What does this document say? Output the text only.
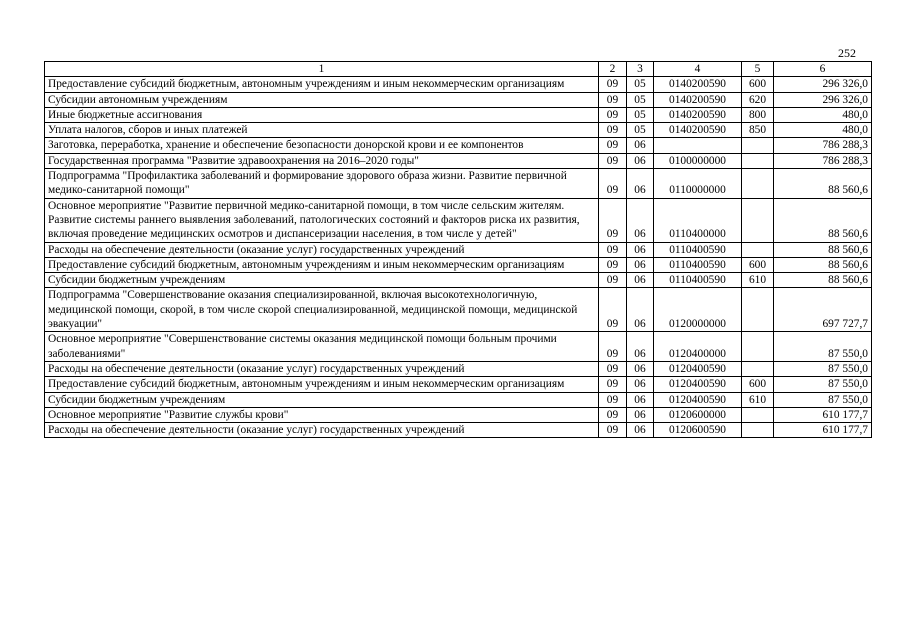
252
1	2	3	4	5	6
Предоставление субсидий бюджетным, автономным учреждениям и иным некоммерческим организациям	09	05	0140200590	600	296 326,0
Субсидии автономным учреждениям	09	05	0140200590	620	296 326,0
Иные бюджетные ассигнования	09	05	0140200590	800	480,0
Уплата налогов, сборов и иных платежей	09	05	0140200590	850	480,0
Заготовка, переработка, хранение и обеспечение безопасности донорской крови и ее компонентов	09	06			786 288,3
Государственная программа "Развитие здравоохранения на 2016–2020 годы"	09	06	0100000000		786 288,3
Подпрограмма "Профилактика заболеваний и формирование здорового образа жизни. Развитие первичной медико-санитарной помощи"	09	06	0110000000		88 560,6
Основное мероприятие "Развитие первичной медико-санитарной помощи, в том числе сельским жителям. Развитие системы раннего выявления заболеваний, патологических состояний и факторов риска их развития, включая проведение медицинских осмотров и диспансеризации населения, в том числе у детей"	09	06	0110400000		88 560,6
Расходы на обеспечение деятельности (оказание услуг) государственных учреждений	09	06	0110400590		88 560,6
Предоставление субсидий бюджетным, автономным учреждениям и иным некоммерческим организациям	09	06	0110400590	600	88 560,6
Субсидии бюджетным учреждениям	09	06	0110400590	610	88 560,6
Подпрограмма "Совершенствование оказания специализированной, включая высокотехнологичную, медицинской помощи, скорой, в том числе скорой специализированной, медицинской помощи, медицинской эвакуации"	09	06	0120000000		697 727,7
Основное мероприятие "Совершенствование системы оказания медицинской помощи больным прочими заболеваниями"	09	06	0120400000		87 550,0
Расходы на обеспечение деятельности (оказание услуг) государственных учреждений	09	06	0120400590		87 550,0
Предоставление субсидий бюджетным, автономным учреждениям и иным некоммерческим организациям	09	06	0120400590	600	87 550,0
Субсидии бюджетным учреждениям	09	06	0120400590	610	87 550,0
Основное мероприятие "Развитие службы крови"	09	06	0120600000		610 177,7
Расходы на обеспечение деятельности (оказание услуг) государственных учреждений	09	06	0120600590		610 177,7
